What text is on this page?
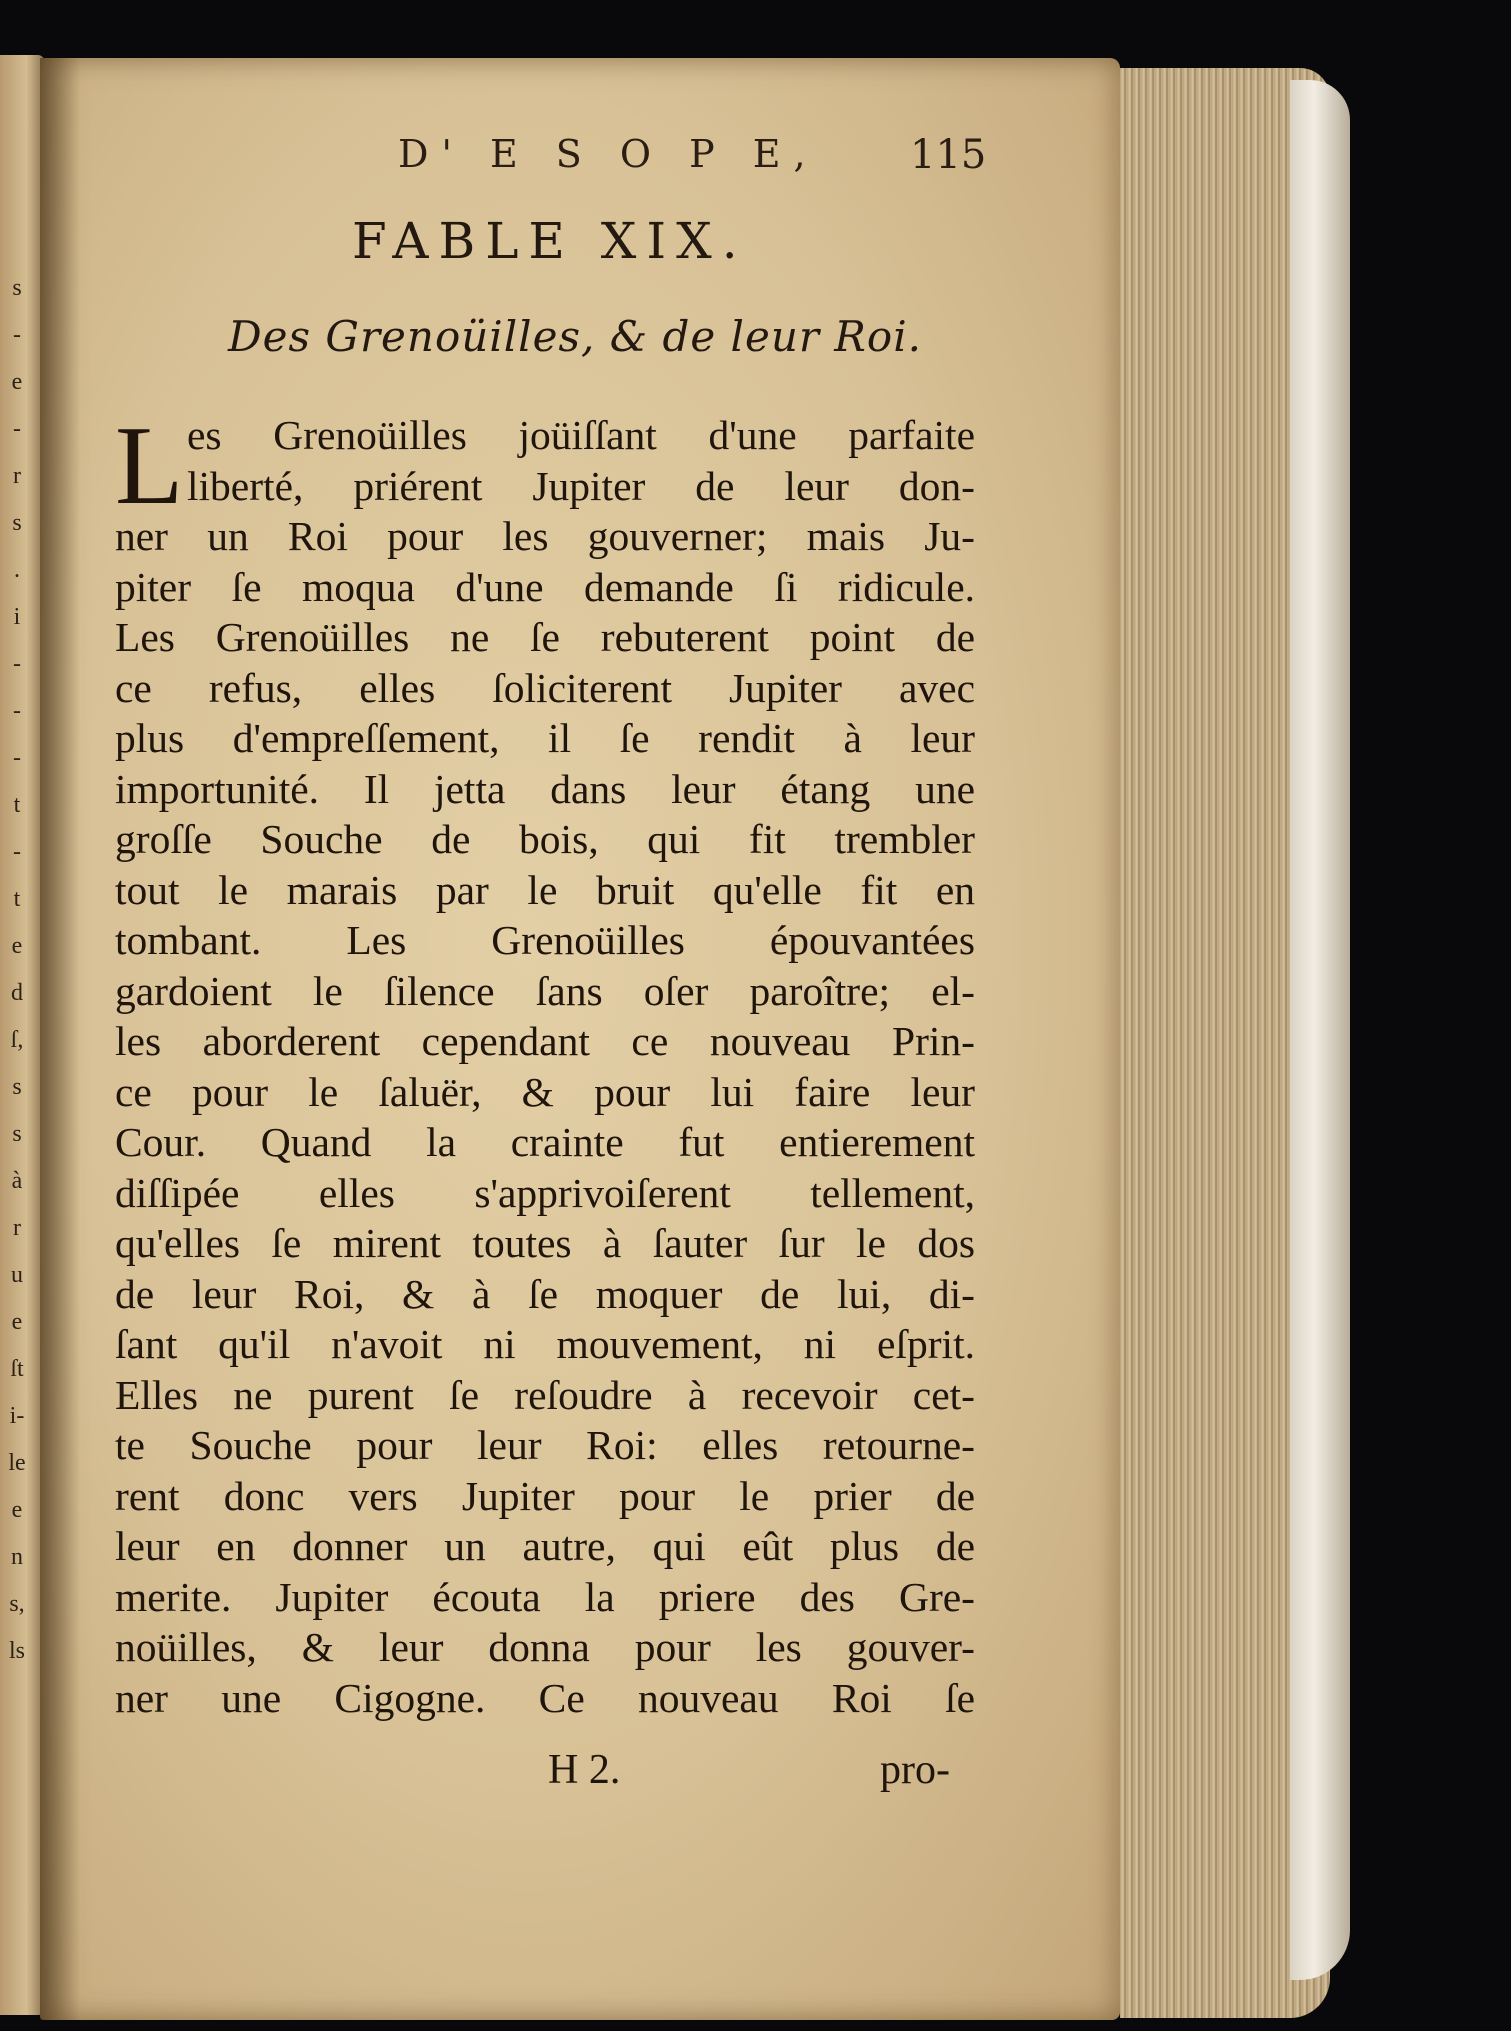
s
-
e
-
r
s
.
i
-
-
-
t
-
t
e
d
ſ,
s
s
à
r
u
e
ſt
i-
le
e
n
s,
ls
D' E S O P E, 115
FABLE XIX.
Des Grenoüilles, & de leur Roi.
L es Grenoüilles joüiſſant d'une parfaite
liberté, priérent Jupiter de leur don-
ner un Roi pour les gouverner; mais Ju-
piter ſe moqua d'une demande ſi ridicule.
Les Grenoüilles ne ſe rebuterent point de
ce refus, elles ſoliciterent Jupiter avec
plus d'empreſſement, il ſe rendit à leur
importunité. Il jetta dans leur étang une
groſſe Souche de bois, qui fit trembler
tout le marais par le bruit qu'elle fit en
tombant. Les Grenoüilles épouvantées
gardoient le ſilence ſans oſer paroître; el-
les aborderent cependant ce nouveau Prin-
ce pour le ſaluër, & pour lui faire leur
Cour. Quand la crainte fut entierement
diſſipée elles s'apprivoiſerent tellement,
qu'elles ſe mirent toutes à ſauter ſur le dos
de leur Roi, & à ſe moquer de lui, di-
ſant qu'il n'avoit ni mouvement, ni eſprit.
Elles ne purent ſe reſoudre à recevoir cet-
te Souche pour leur Roi: elles retourne-
rent donc vers Jupiter pour le prier de
leur en donner un autre, qui eût plus de
merite. Jupiter écouta la priere des Gre-
noüilles, & leur donna pour les gouver-
ner une Cigogne. Ce nouveau Roi ſe
H 2.	pro-
